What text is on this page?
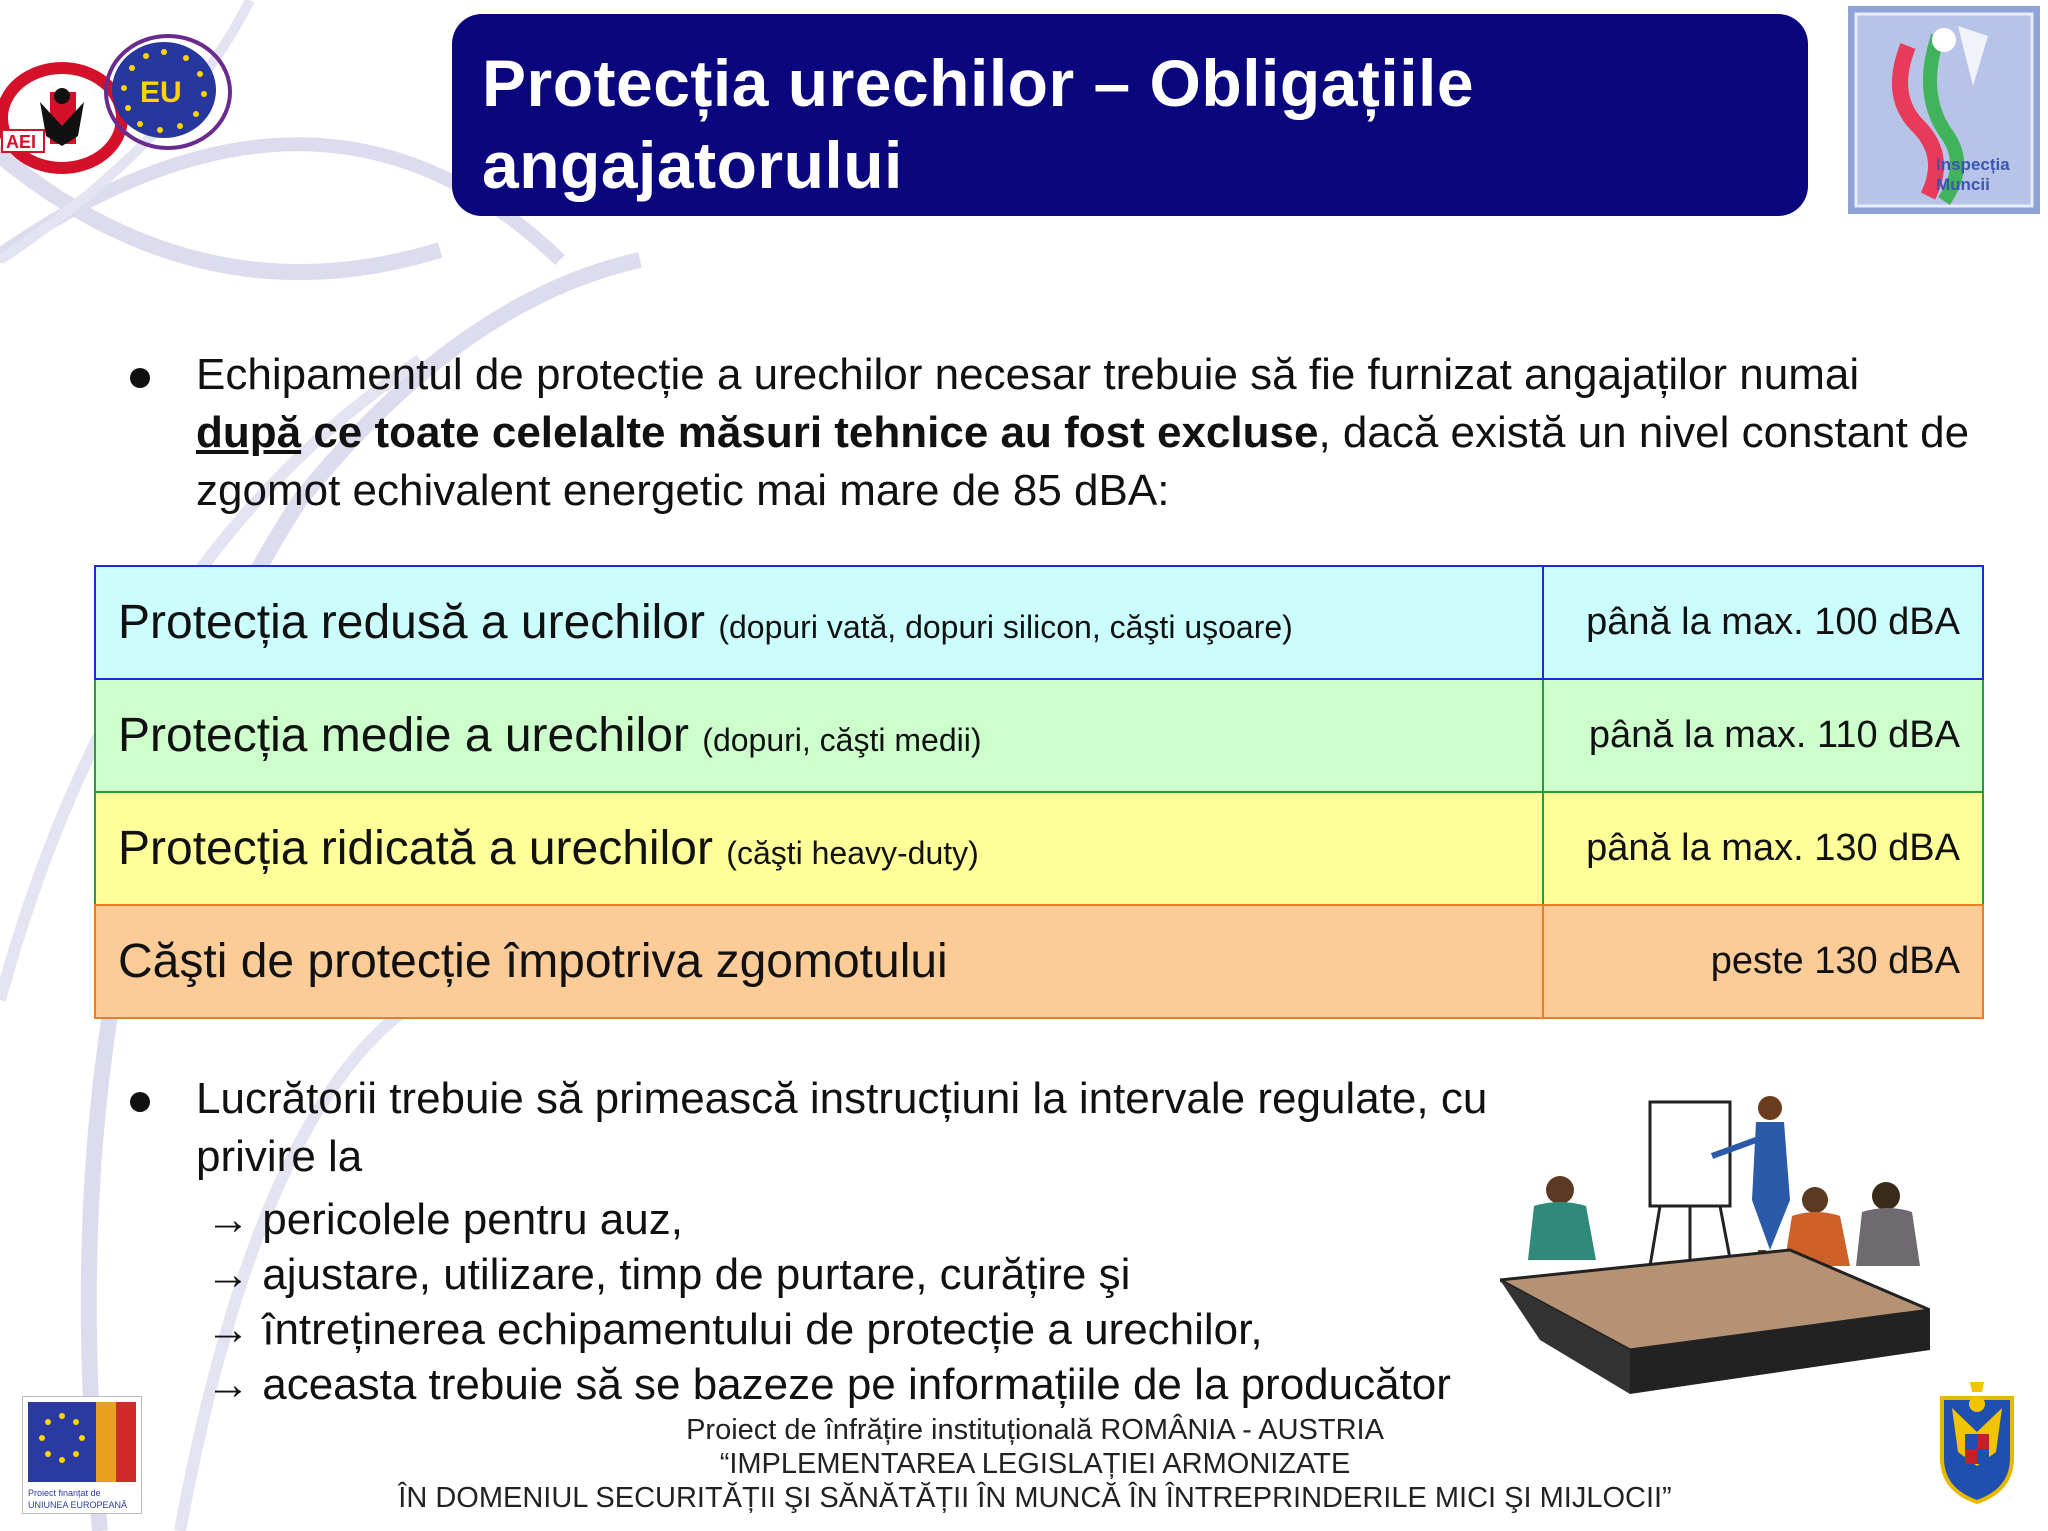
AEI
EU	Protecția urechilor – Obligațiile
angajatorului	Inspecția
Muncii
Echipamentul de protecție a urechilor necesar trebuie să fie furnizat angajaților numai după ce toate celelalte măsuri tehnice au fost excluse, dacă există un nivel constant de zgomot echivalent energetic mai mare de 85 dBA:
Protecția redusă a urechilor (dopuri vată, dopuri silicon, căşti uşoare)	până la max. 100 dBA
Protecția medie a urechilor (dopuri, căşti medii)	până la max. 110 dBA
Protecția ridicată a urechilor (căşti heavy-duty)	până la max. 130 dBA
Căşti de protecție împotriva zgomotului	peste 130 dBA
Lucrătorii trebuie să primească instrucțiuni la intervale regulate, cu privire la
→ pericolele pentru auz,
→ ajustare, utilizare, timp de purtare, curățire şi
→ întreținerea echipamentului de protecție a urechilor,
→ aceasta trebuie să se bazeze pe informațiile de la producător
Proiect finanțat de
UNIUNEA EUROPEANĂ
Proiect de înfrățire instituțională ROMÂNIA - AUSTRIA
“IMPLEMENTAREA LEGISLAȚIEI ARMONIZATE
ÎN DOMENIUL SECURITĂȚII ŞI SĂNĂTĂȚII ÎN MUNCĂ ÎN ÎNTREPRINDERILE MICI ŞI MIJLOCII”
